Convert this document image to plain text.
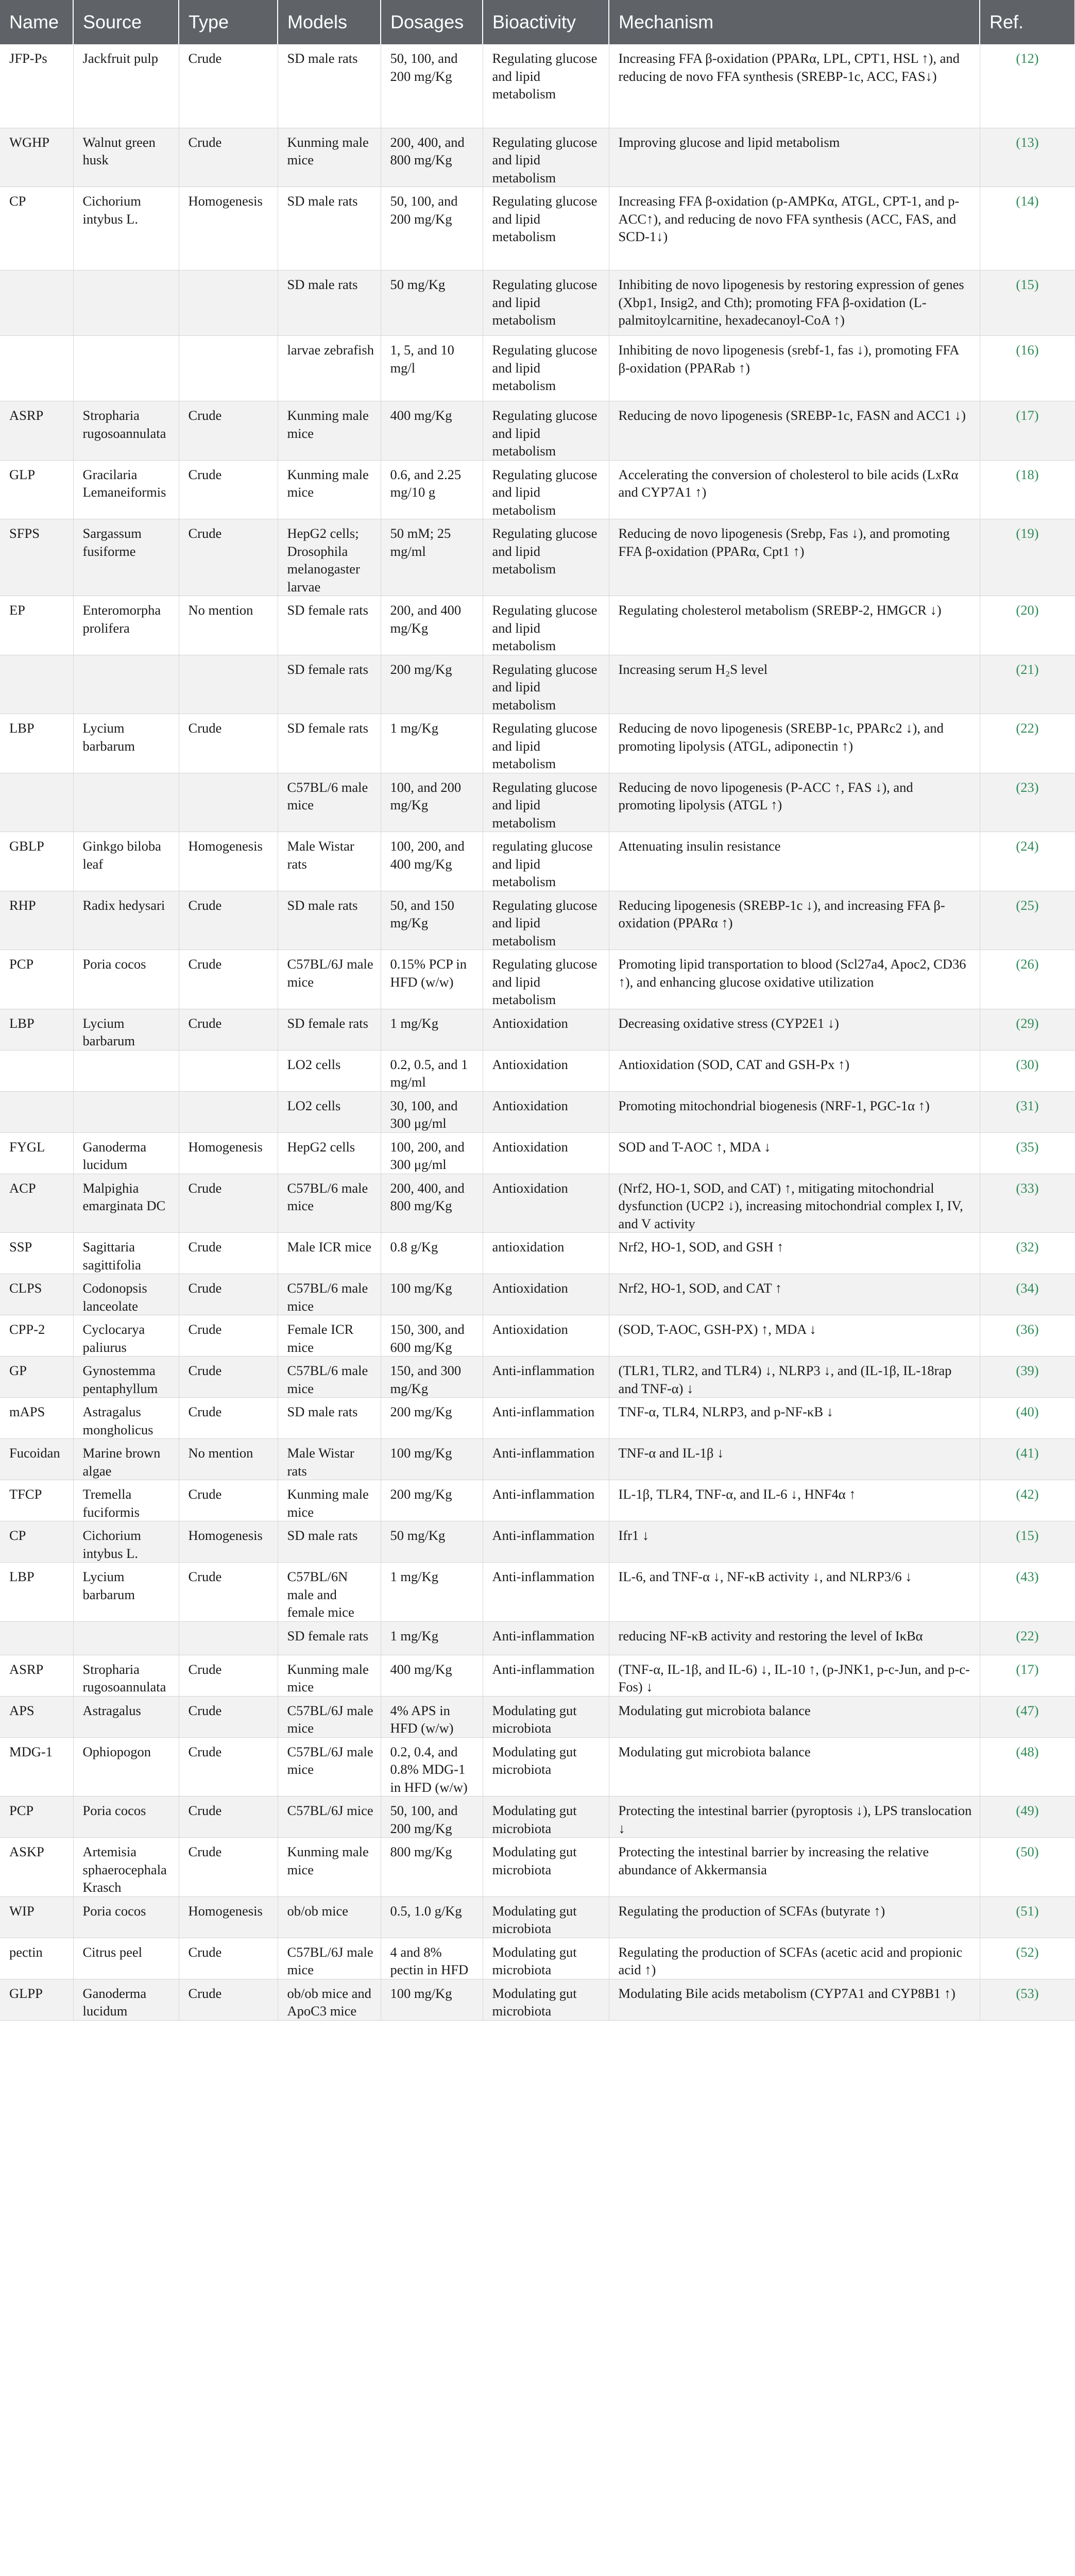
Name	Source	Type	Models	Dosages	Bioactivity	Mechanism	Ref.
JFP-Ps	Jackfruit pulp	Crude	SD male rats	50, 100, and 200 mg/Kg	Regulating glucose and lipid metabolism	Increasing FFA β-oxidation (PPARα, LPL, CPT1, HSL ↑), and reducing de novo FFA synthesis (SREBP-1c, ACC, FAS↓)	(12)
WGHP	Walnut green husk	Crude	Kunming male mice	200, 400, and 800 mg/Kg	Regulating glucose and lipid metabolism	Improving glucose and lipid metabolism	(13)
CP	Cichorium intybus L.	Homogenesis	SD male rats	50, 100, and 200 mg/Kg	Regulating glucose and lipid metabolism	Increasing FFA β-oxidation (p-AMPKα, ATGL, CPT-1, and p-ACC↑), and reducing de novo FFA synthesis (ACC, FAS, and SCD-1↓)	(14)
			SD male rats	50 mg/Kg	Regulating glucose and lipid metabolism	Inhibiting de novo lipogenesis by restoring expression of genes (Xbp1, Insig2, and Cth); promoting FFA β-oxidation (L-palmitoylcarnitine, hexadecanoyl-CoA ↑)	(15)
			larvae zebrafish	1, 5, and 10 mg/l	Regulating glucose and lipid metabolism	Inhibiting de novo lipogenesis (srebf-1, fas ↓), promoting FFA β-oxidation (PPARab ↑)	(16)
ASRP	Stropharia rugosoannulata	Crude	Kunming male mice	400 mg/Kg	Regulating glucose and lipid metabolism	Reducing de novo lipogenesis (SREBP-1c, FASN and ACC1 ↓)	(17)
GLP	Gracilaria Lemaneiformis	Crude	Kunming male mice	0.6, and 2.25 mg/10 g	Regulating glucose and lipid metabolism	Accelerating the conversion of cholesterol to bile acids (LxRα and CYP7A1 ↑)	(18)
SFPS	Sargassum fusiforme	Crude	HepG2 cells; Drosophila melanogaster larvae	50 mM; 25 mg/ml	Regulating glucose and lipid metabolism	Reducing de novo lipogenesis (Srebp, Fas ↓), and promoting FFA β-oxidation (PPARα, Cpt1 ↑)	(19)
EP	Enteromorpha prolifera	No mention	SD female rats	200, and 400 mg/Kg	Regulating glucose and lipid metabolism	Regulating cholesterol metabolism (SREBP-2, HMGCR ↓)	(20)
			SD female rats	200 mg/Kg	Regulating glucose and lipid metabolism	Increasing serum H₂S level	(21)
LBP	Lycium barbarum	Crude	SD female rats	1 mg/Kg	Regulating glucose and lipid metabolism	Reducing de novo lipogenesis (SREBP-1c, PPARc2 ↓), and promoting lipolysis (ATGL, adiponectin ↑)	(22)
			C57BL/6 male mice	100, and 200 mg/Kg	Regulating glucose and lipid metabolism	Reducing de novo lipogenesis (P-ACC ↑, FAS ↓), and promoting lipolysis (ATGL ↑)	(23)
GBLP	Ginkgo biloba leaf	Homogenesis	Male Wistar rats	100, 200, and 400 mg/Kg	regulating glucose and lipid metabolism	Attenuating insulin resistance	(24)
RHP	Radix hedysari	Crude	SD male rats	50, and 150 mg/Kg	Regulating glucose and lipid metabolism	Reducing lipogenesis (SREBP-1c ↓), and increasing FFA β-oxidation (PPARα ↑)	(25)
PCP	Poria cocos	Crude	C57BL/6J male mice	0.15% PCP in HFD (w/w)	Regulating glucose and lipid metabolism	Promoting lipid transportation to blood (Scl27a4, Apoc2, CD36 ↑), and enhancing glucose oxidative utilization	(26)
LBP	Lycium barbarum	Crude	SD female rats	1 mg/Kg	Antioxidation	Decreasing oxidative stress (CYP2E1 ↓)	(29)
			LO2 cells	0.2, 0.5, and 1 mg/ml	Antioxidation	Antioxidation (SOD, CAT and GSH-Px ↑)	(30)
			LO2 cells	30, 100, and 300 μg/ml	Antioxidation	Promoting mitochondrial biogenesis (NRF-1, PGC-1α ↑)	(31)
FYGL	Ganoderma lucidum	Homogenesis	HepG2 cells	100, 200, and 300 μg/ml	Antioxidation	SOD and T-AOC ↑, MDA ↓	(35)
ACP	Malpighia emarginata DC	Crude	C57BL/6 male mice	200, 400, and 800 mg/Kg	Antioxidation	(Nrf2, HO-1, SOD, and CAT) ↑, mitigating mitochondrial dysfunction (UCP2 ↓), increasing mitochondrial complex I, IV, and V activity	(33)
SSP	Sagittaria sagittifolia	Crude	Male ICR mice	0.8 g/Kg	antioxidation	Nrf2, HO-1, SOD, and GSH ↑	(32)
CLPS	Codonopsis lanceolate	Crude	C57BL/6 male mice	100 mg/Kg	Antioxidation	Nrf2, HO-1, SOD, and CAT ↑	(34)
CPP-2	Cyclocarya paliurus	Crude	Female ICR mice	150, 300, and 600 mg/Kg	Antioxidation	(SOD, T-AOC, GSH-PX) ↑, MDA ↓	(36)
GP	Gynostemma pentaphyllum	Crude	C57BL/6 male mice	150, and 300 mg/Kg	Anti-inflammation	(TLR1, TLR2, and TLR4) ↓, NLRP3 ↓, and (IL-1β, IL-18rap and TNF-α) ↓	(39)
mAPS	Astragalus mongholicus	Crude	SD male rats	200 mg/Kg	Anti-inflammation	TNF-α, TLR4, NLRP3, and p-NF-κB ↓	(40)
Fucoidan	Marine brown algae	No mention	Male Wistar rats	100 mg/Kg	Anti-inflammation	TNF-α and IL-1β ↓	(41)
TFCP	Tremella fuciformis	Crude	Kunming male mice	200 mg/Kg	Anti-inflammation	IL-1β, TLR4, TNF-α, and IL-6 ↓, HNF4α ↑	(42)
CP	Cichorium intybus L.	Homogenesis	SD male rats	50 mg/Kg	Anti-inflammation	Ifr1 ↓	(15)
LBP	Lycium barbarum	Crude	C57BL/6N male and female mice	1 mg/Kg	Anti-inflammation	IL-6, and TNF-α ↓, NF-κB activity ↓, and NLRP3/6 ↓	(43)
			SD female rats	1 mg/Kg	Anti-inflammation	reducing NF-κB activity and restoring the level of IκBα	(22)
ASRP	Stropharia rugosoannulata	Crude	Kunming male mice	400 mg/Kg	Anti-inflammation	(TNF-α, IL-1β, and IL-6) ↓, IL-10 ↑, (p-JNK1, p-c-Jun, and p-c-Fos) ↓	(17)
APS	Astragalus	Crude	C57BL/6J male mice	4% APS in HFD (w/w)	Modulating gut microbiota	Modulating gut microbiota balance	(47)
MDG-1	Ophiopogon	Crude	C57BL/6J male mice	0.2, 0.4, and 0.8% MDG-1 in HFD (w/w)	Modulating gut microbiota	Modulating gut microbiota balance	(48)
PCP	Poria cocos	Crude	C57BL/6J mice	50, 100, and 200 mg/Kg	Modulating gut microbiota	Protecting the intestinal barrier (pyroptosis ↓), LPS translocation ↓	(49)
ASKP	Artemisia sphaerocephala Krasch	Crude	Kunming male mice	800 mg/Kg	Modulating gut microbiota	Protecting the intestinal barrier by increasing the relative abundance of Akkermansia	(50)
WIP	Poria cocos	Homogenesis	ob/ob mice	0.5, 1.0 g/Kg	Modulating gut microbiota	Regulating the production of SCFAs (butyrate ↑)	(51)
pectin	Citrus peel	Crude	C57BL/6J male mice	4 and 8% pectin in HFD	Modulating gut microbiota	Regulating the production of SCFAs (acetic acid and propionic acid ↑)	(52)
GLPP	Ganoderma lucidum	Crude	ob/ob mice and ApoC3 mice	100 mg/Kg	Modulating gut microbiota	Modulating Bile acids metabolism (CYP7A1 and CYP8B1 ↑)	(53)
